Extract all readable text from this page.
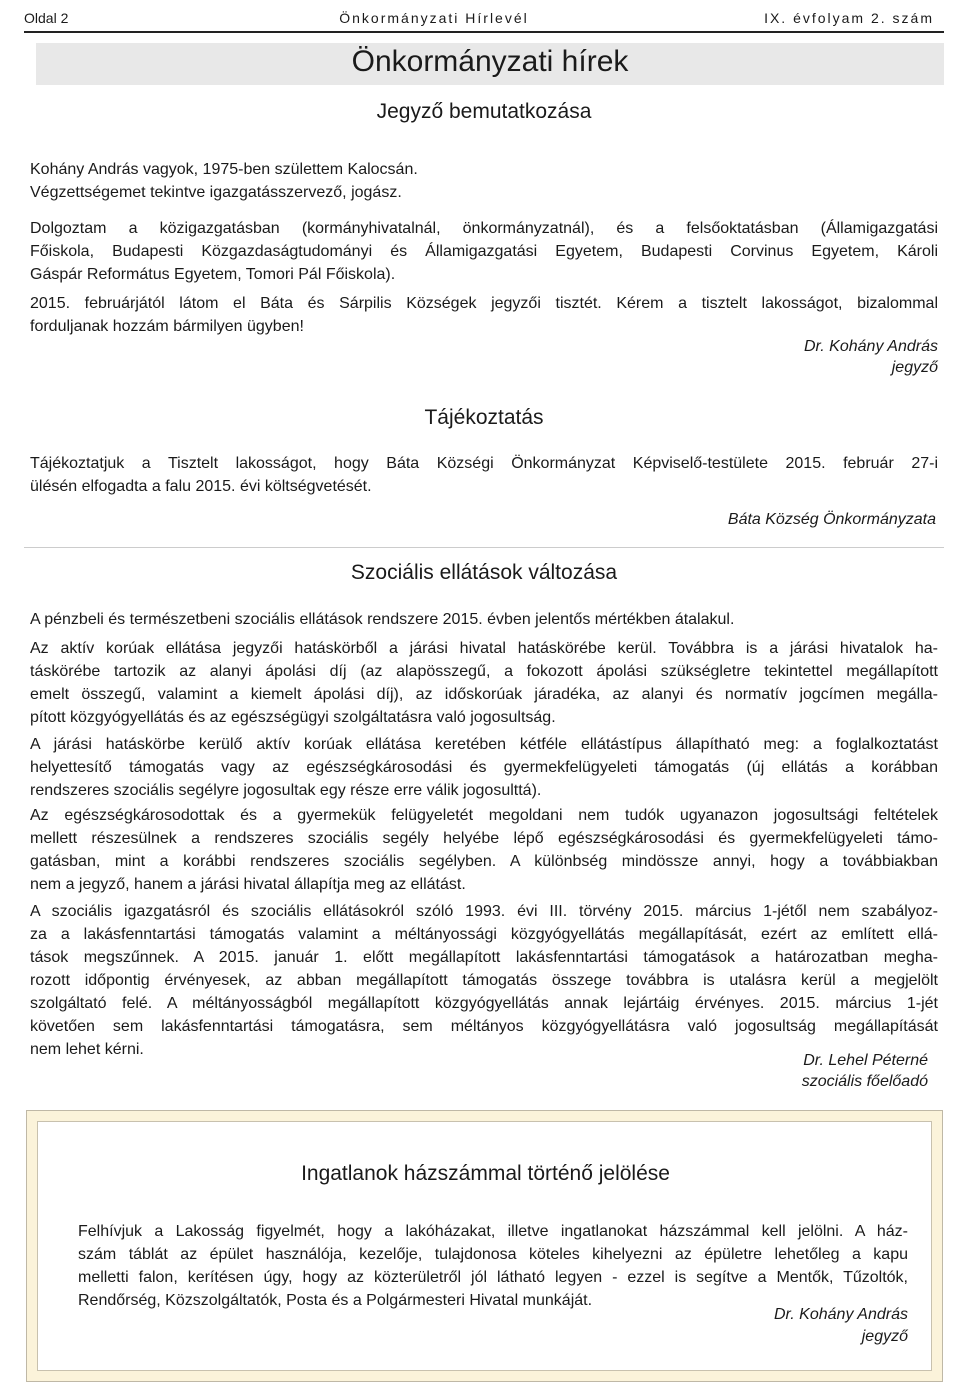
Oldal 2	Önkormányzati Hírlevél	IX. évfolyam 2. szám
Önkormányzati hírek
Jegyző bemutatkozása

Kohány András vagyok, 1975-ben születtem Kalocsán.

Végzettségemet tekintve igazgatásszervező, jogász.

Dolgoztam a közigazgatásban (kormányhivatalnál, önkormányzatnál), és a felsőoktatásban (Államigazgatási

Főiskola, Budapesti Közgazdaságtudományi és Államigazgatási Egyetem, Budapesti Corvinus Egyetem, Károli

Gáspár Református Egyetem, Tomori Pál Főiskola).

2015. februárjától látom el Báta és Sárpilis Községek jegyzői tisztét. Kérem a tisztelt lakosságot, bizalommal

forduljanak hozzám bármilyen ügyben!

Dr. Kohány András

jegyző

Tájékoztatás

Tájékoztatjuk a Tisztelt lakosságot, hogy Báta Községi Önkormányzat Képviselő-testülete 2015. február 27-i

ülésén elfogadta a falu 2015. évi költségvetését.

Báta Község Önkormányzata

Szociális ellátások változása

A pénzbeli és természetbeni szociális ellátások rendszere 2015. évben jelentős mértékben átalakul.

Az aktív korúak ellátása jegyzői hatáskörből a járási hivatal hatáskörébe kerül. Továbbra is a járási hivatalok ha-

táskörébe tartozik az alanyi ápolási díj (az alapösszegű, a fokozott ápolási szükségletre tekintettel megállapított

emelt összegű, valamint a kiemelt ápolási díj), az időskorúak járadéka, az alanyi és normatív jogcímen megálla-

pított közgyógyellátás és az egészségügyi szolgáltatásra való jogosultság.

A járási hatáskörbe kerülő aktív korúak ellátása keretében kétféle ellátástípus állapítható meg: a foglalkoztatást

helyettesítő támogatás vagy az egészségkárosodási és gyermekfelügyeleti támogatás (új ellátás a korábban

rendszeres szociális segélyre jogosultak egy része erre válik jogosulttá).

Az egészségkárosodottak és a gyermekük felügyeletét megoldani nem tudók ugyanazon jogosultsági feltételek

mellett részesülnek a rendszeres szociális segély helyébe lépő egészségkárosodási és gyermekfelügyeleti támo-

gatásban, mint a korábbi rendszeres szociális segélyben. A különbség mindössze annyi, hogy a továbbiakban

nem a jegyző, hanem a járási hivatal állapítja meg az ellátást.

A szociális igazgatásról és szociális ellátásokról szóló 1993. évi III. törvény 2015. március 1-jétől nem szabályoz-

za a lakásfenntartási támogatás valamint a méltányossági közgyógyellátás megállapítását, ezért az említett ellá-

tások megszűnnek. A 2015. január 1. előtt megállapított lakásfenntartási támogatások a határozatban megha-

rozott időpontig érvényesek, az abban megállapított támogatás összege továbbra is utalásra kerül a megjelölt

szolgáltató felé. A méltányosságból megállapított közgyógyellátás annak lejártáig érvényes. 2015. március 1-jét

követően sem lakásfenntartási támogatásra, sem méltányos közgyógyellátásra való jogosultság megállapítását

nem lehet kérni.

Dr. Lehel Péterné

szociális főelőadó

Ingatlanok házszámmal történő jelölése

Felhívjuk a Lakosság figyelmét, hogy a lakóházakat, illetve ingatlanokat házszámmal kell jelölni. A ház-

szám táblát az épület használója, kezelője, tulajdonosa köteles kihelyezni az épületre lehetőleg a kapu

melletti falon, kerítésen úgy, hogy az közterületről jól látható legyen - ezzel is segítve a Mentők, Tűzoltók,

Rendőrség, Közszolgáltatók, Posta és a Polgármesteri Hivatal munkáját.

Dr. Kohány András

jegyző
